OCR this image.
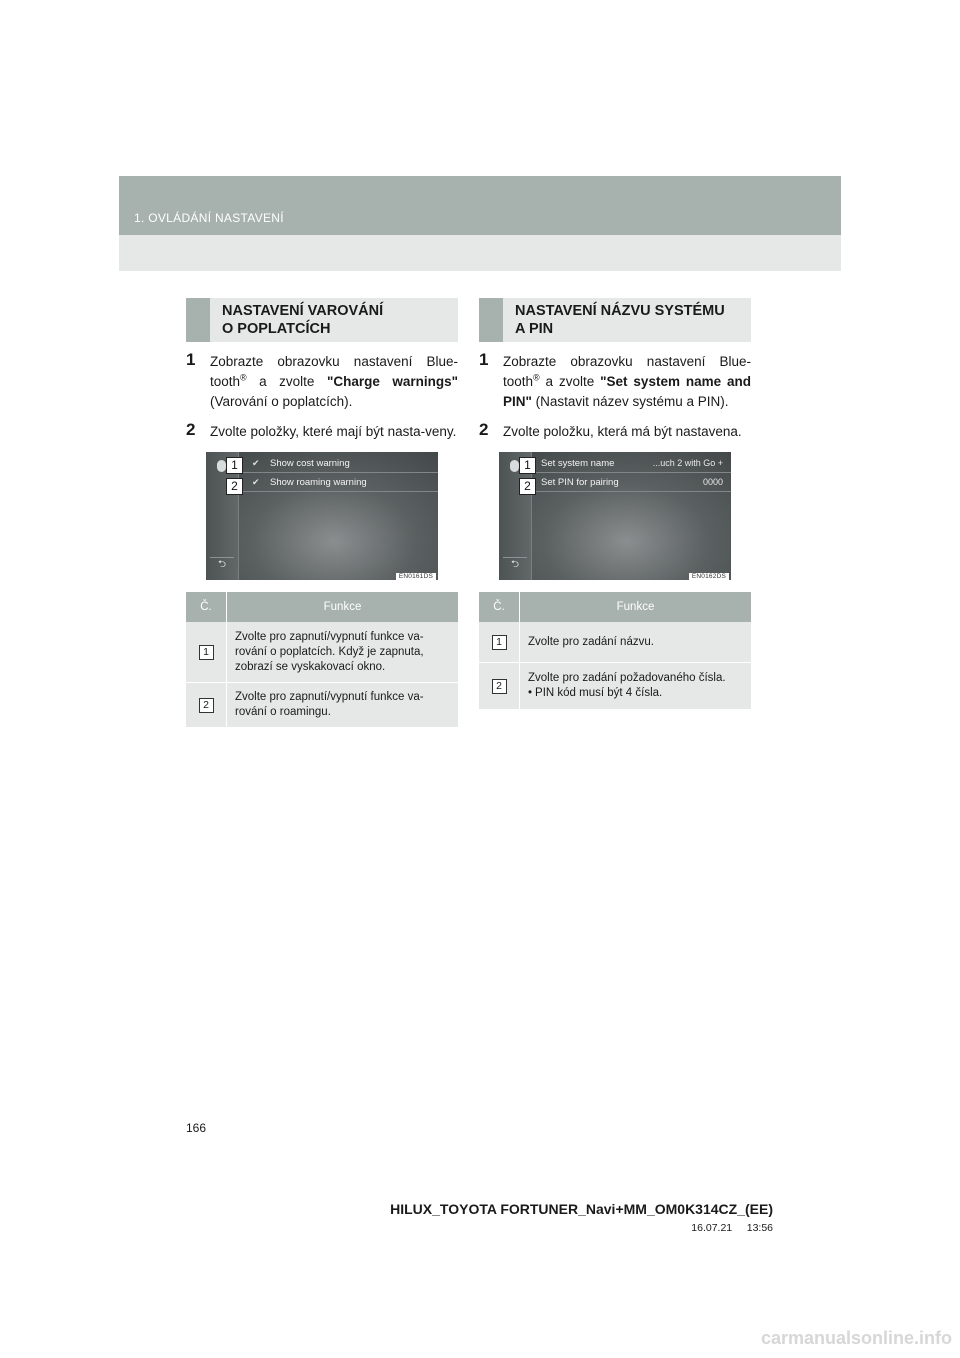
1. OVLÁDÁNÍ NASTAVENÍ
NASTAVENÍ VAROVÁNÍ
O POPLATCÍCH
1 Zobrazte obrazovku nastavení Blue-tooth® a zvolte "Charge warnings" (Varování o poplatcích).
2 Zvolte položky, které mají být nasta-veny.
✔	Show cost warning
✔	Show roaming warning
1
2
⮌
EN0161DS
Č.	Funkce
1	Zvolte pro zapnutí/vypnutí funkce va-rování o poplatcích. Když je zapnuta, zobrazí se vyskakovací okno.
2	Zvolte pro zapnutí/vypnutí funkce va-rování o roamingu.
NASTAVENÍ NÁZVU SYSTÉMU
A PIN
1 Zobrazte obrazovku nastavení Blue-tooth® a zvolte "Set system name and PIN" (Nastavit název systému a PIN).
2 Zvolte položku, která má být nastavena.
Set system name	...uch 2 with Go +
Set PIN for pairing	0000
1
2
⮌
EN0162DS
Č.	Funkce
1	Zvolte pro zadání názvu.
2	Zvolte pro zadání požadovaného čísla.
• PIN kód musí být 4 čísla.
166
HILUX_TOYOTA FORTUNER_Navi+MM_OM0K314CZ_(EE)
16.07.21     13:56
carmanualsonline.info
